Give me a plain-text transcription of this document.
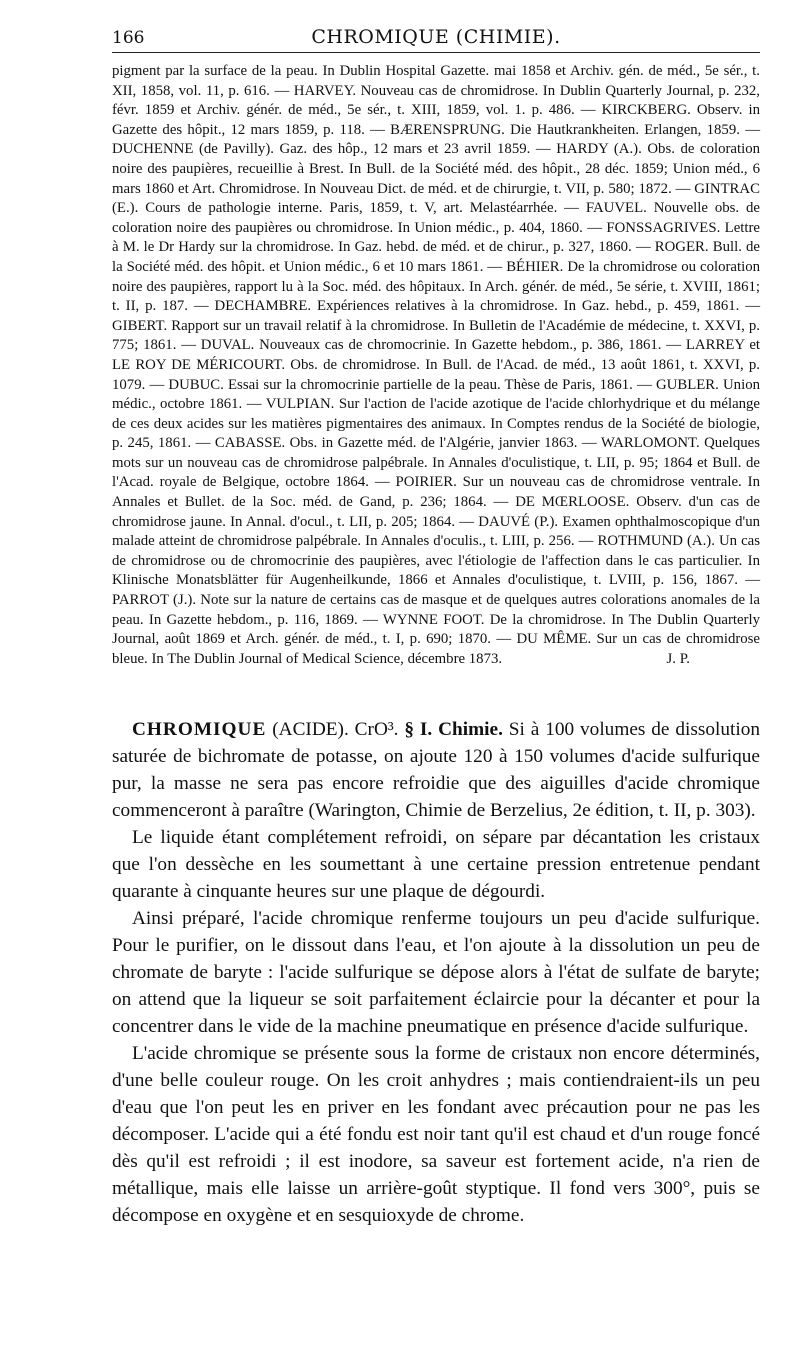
166	CHROMIQUE (CHIMIE).

pigment par la surface de la peau. In Dublin Hospital Gazette. mai 1858 et Archiv. gén. de méd., 5e sér., t. XII, 1858, vol. 11, p. 616. — HARVEY. Nouveau cas de chromidrose. In Dublin Quarterly Journal, p. 232, févr. 1859 et Archiv. génér. de méd., 5e sér., t. XIII, 1859, vol. 1. p. 486. — KIRCKBERG. Observ. in Gazette des hôpit., 12 mars 1859, p. 118. — BÆRENSPRUNG. Die Hautkrankheiten. Erlangen, 1859. — DUCHENNE (de Pavilly). Gaz. des hôp., 12 mars et 23 avril 1859. — HARDY (A.). Obs. de coloration noire des paupières, recueillie à Brest. In Bull. de la Société méd. des hôpit., 28 déc. 1859; Union méd., 6 mars 1860 et Art. Chromidrose. In Nouveau Dict. de méd. et de chirurgie, t. VII, p. 580; 1872. — GINTRAC (E.). Cours de pathologie interne. Paris, 1859, t. V, art. Melastéarrhée. — FAUVEL. Nouvelle obs. de coloration noire des paupières ou chromidrose. In Union médic., p. 404, 1860. — FONSSAGRIVES. Lettre à M. le Dr Hardy sur la chromidrose. In Gaz. hebd. de méd. et de chirur., p. 327, 1860. — ROGER. Bull. de la Société méd. des hôpit. et Union médic., 6 et 10 mars 1861. — BÉHIER. De la chromidrose ou coloration noire des paupières, rapport lu à la Soc. méd. des hôpitaux. In Arch. génér. de méd., 5e série, t. XVIII, 1861; t. II, p. 187. — DECHAMBRE. Expériences relatives à la chromidrose. In Gaz. hebd., p. 459, 1861. — GIBERT. Rapport sur un travail relatif à la chromidrose. In Bulletin de l'Académie de médecine, t. XXVI, p. 775; 1861. — DUVAL. Nouveaux cas de chromocrinie. In Gazette hebdom., p. 386, 1861. — LARREY et LE ROY DE MÉRICOURT. Obs. de chromidrose. In Bull. de l'Acad. de méd., 13 août 1861, t. XXVI, p. 1079. — DUBUC. Essai sur la chromocrinie partielle de la peau. Thèse de Paris, 1861. — GUBLER. Union médic., octobre 1861. — VULPIAN. Sur l'action de l'acide azotique de l'acide chlorhydrique et du mélange de ces deux acides sur les matières pigmentaires des animaux. In Comptes rendus de la Société de biologie, p. 245, 1861. — CABASSE. Obs. in Gazette méd. de l'Algérie, janvier 1863. — WARLOMONT. Quelques mots sur un nouveau cas de chromidrose palpébrale. In Annales d'oculistique, t. LII, p. 95; 1864 et Bull. de l'Acad. royale de Belgique, octobre 1864. — POIRIER. Sur un nouveau cas de chromidrose ventrale. In Annales et Bullet. de la Soc. méd. de Gand, p. 236; 1864. — DE MŒRLOOSE. Observ. d'un cas de chromidrose jaune. In Annal. d'ocul., t. LII, p. 205; 1864. — DAUVÉ (P.). Examen ophthalmoscopique d'un malade atteint de chromidrose palpébrale. In Annales d'oculis., t. LIII, p. 256. — ROTHMUND (A.). Un cas de chromidrose ou de chromocrinie des paupières, avec l'étiologie de l'affection dans le cas particulier. In Klinische Monatsblätter für Augenheilkunde, 1866 et Annales d'oculistique, t. LVIII, p. 156, 1867. — PARROT (J.). Note sur la nature de certains cas de masque et de quelques autres colorations anomales de la peau. In Gazette hebdom., p. 116, 1869. — WYNNE FOOT. De la chromidrose. In The Dublin Quarterly Journal, août 1869 et Arch. génér. de méd., t. I, p. 690; 1870. — DU MÊME. Sur un cas de chromidrose bleue. In The Dublin Journal of Medical Science, décembre 1873.	J. P.

CHROMIQUE (ACIDE). CrO³. § I. Chimie. Si à 100 volumes de dissolution saturée de bichromate de potasse, on ajoute 120 à 150 volumes d'acide sulfurique pur, la masse ne sera pas encore refroidie que des aiguilles d'acide chromique commenceront à paraître (Warington, Chimie de Berzelius, 2e édition, t. II, p. 303).

Le liquide étant complétement refroidi, on sépare par décantation les cristaux que l'on dessèche en les soumettant à une certaine pression entretenue pendant quarante à cinquante heures sur une plaque de dégourdi.

Ainsi préparé, l'acide chromique renferme toujours un peu d'acide sulfurique. Pour le purifier, on le dissout dans l'eau, et l'on ajoute à la dissolution un peu de chromate de baryte : l'acide sulfurique se dépose alors à l'état de sulfate de baryte; on attend que la liqueur se soit parfaitement éclaircie pour la décanter et pour la concentrer dans le vide de la machine pneumatique en présence d'acide sulfurique.

L'acide chromique se présente sous la forme de cristaux non encore déterminés, d'une belle couleur rouge. On les croit anhydres ; mais contiendraient-ils un peu d'eau que l'on peut les en priver en les fondant avec précaution pour ne pas les décomposer. L'acide qui a été fondu est noir tant qu'il est chaud et d'un rouge foncé dès qu'il est refroidi ; il est inodore, sa saveur est fortement acide, n'a rien de métallique, mais elle laisse un arrière-goût styptique. Il fond vers 300°, puis se décompose en oxygène et en sesquioxyde de chrome.
